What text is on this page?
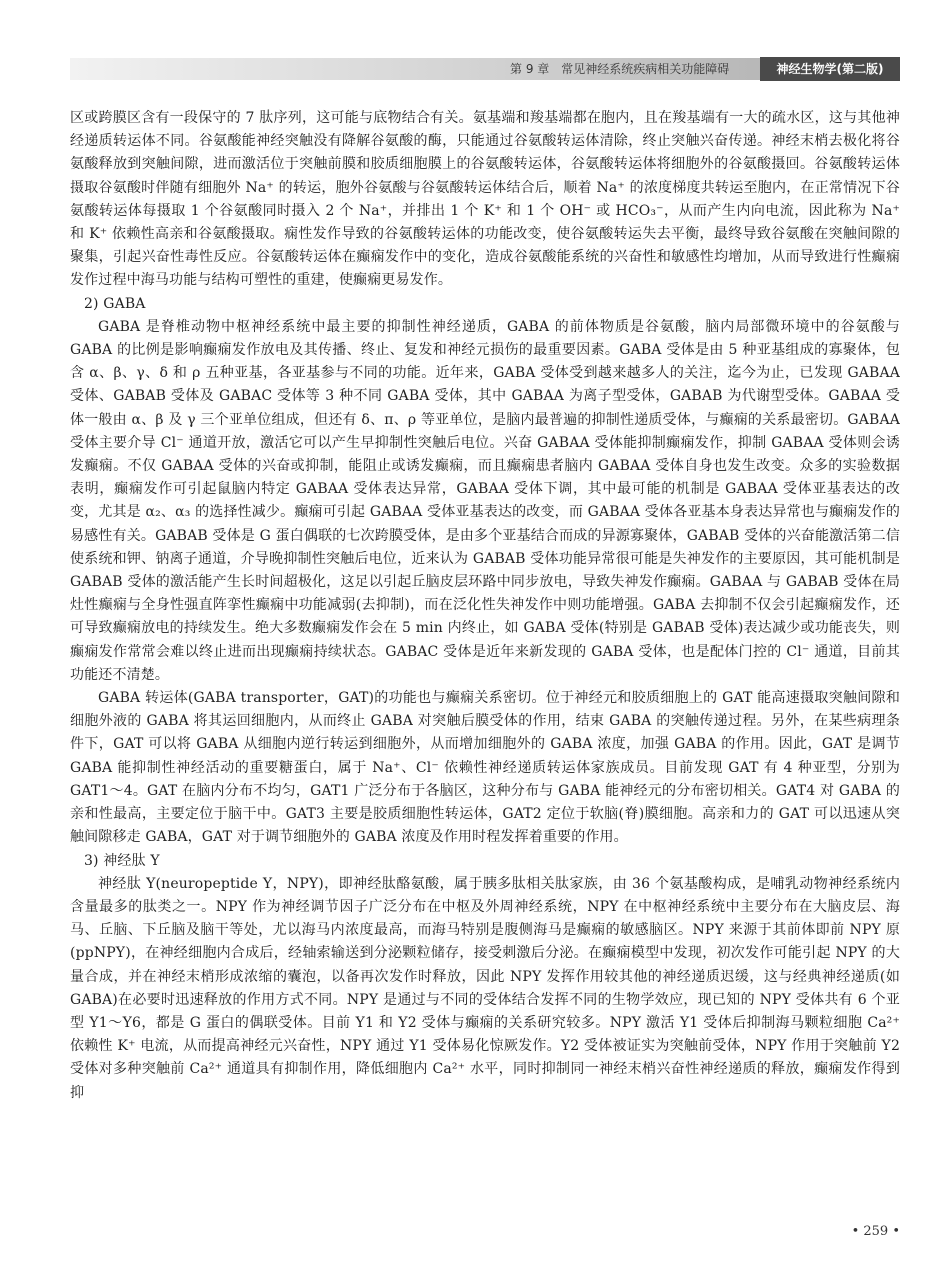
第 9 章　常见神经系统疾病相关功能障碍	神经生物学(第二版)

区或跨膜区含有一段保守的 7 肽序列，这可能与底物结合有关。氨基端和羧基端都在胞内，且在羧基端有一大的疏水区，这与其他神经递质转运体不同。谷氨酸能神经突触没有降解谷氨酸的酶，只能通过谷氨酸转运体清除，终止突触兴奋传递。神经末梢去极化将谷氨酸释放到突触间隙，进而激活位于突触前膜和胶质细胞膜上的谷氨酸转运体，谷氨酸转运体将细胞外的谷氨酸摄回。谷氨酸转运体摄取谷氨酸时伴随有细胞外 Na⁺ 的转运，胞外谷氨酸与谷氨酸转运体结合后，顺着 Na⁺ 的浓度梯度共转运至胞内，在正常情况下谷氨酸转运体每摄取 1 个谷氨酸同时摄入 2 个 Na⁺，并排出 1 个 K⁺ 和 1 个 OH⁻ 或 HCO₃⁻，从而产生内向电流，因此称为 Na⁺ 和 K⁺ 依赖性高亲和谷氨酸摄取。痫性发作导致的谷氨酸转运体的功能改变，使谷氨酸转运失去平衡，最终导致谷氨酸在突触间隙的聚集，引起兴奋性毒性反应。谷氨酸转运体在癫痫发作中的变化，造成谷氨酸能系统的兴奋性和敏感性均增加，从而导致进行性癫痫发作过程中海马功能与结构可塑性的重建，使癫痫更易发作。

2) GABA

GABA 是脊椎动物中枢神经系统中最主要的抑制性神经递质，GABA 的前体物质是谷氨酸，脑内局部微环境中的谷氨酸与 GABA 的比例是影响癫痫发作放电及其传播、终止、复发和神经元损伤的最重要因素。GABA 受体是由 5 种亚基组成的寡聚体，包含 α、β、γ、δ 和 ρ 五种亚基，各亚基参与不同的功能。近年来，GABA 受体受到越来越多人的关注，迄今为止，已发现 GABAA 受体、GABAB 受体及 GABAC 受体等 3 种不同 GABA 受体，其中 GABAA 为离子型受体，GABAB 为代谢型受体。GABAA 受体一般由 α、β 及 γ 三个亚单位组成，但还有 δ、π、ρ 等亚单位，是脑内最普遍的抑制性递质受体，与癫痫的关系最密切。GABAA 受体主要介导 Cl⁻ 通道开放，激活它可以产生早抑制性突触后电位。兴奋 GABAA 受体能抑制癫痫发作，抑制 GABAA 受体则会诱发癫痫。不仅 GABAA 受体的兴奋或抑制，能阻止或诱发癫痫，而且癫痫患者脑内 GABAA 受体自身也发生改变。众多的实验数据表明，癫痫发作可引起鼠脑内特定 GABAA 受体表达异常，GABAA 受体下调，其中最可能的机制是 GABAA 受体亚基表达的改变，尤其是 α₂、α₃ 的选择性减少。癫痫可引起 GABAA 受体亚基表达的改变，而 GABAA 受体各亚基本身表达异常也与癫痫发作的易感性有关。GABAB 受体是 G 蛋白偶联的七次跨膜受体，是由多个亚基结合而成的异源寡聚体，GABAB 受体的兴奋能激活第二信使系统和钾、钠离子通道，介导晚抑制性突触后电位，近来认为 GABAB 受体功能异常很可能是失神发作的主要原因，其可能机制是 GABAB 受体的激活能产生长时间超极化，这足以引起丘脑皮层环路中同步放电，导致失神发作癫痫。GABAA 与 GABAB 受体在局灶性癫痫与全身性强直阵挛性癫痫中功能减弱(去抑制)，而在泛化性失神发作中则功能增强。GABA 去抑制不仅会引起癫痫发作，还可导致癫痫放电的持续发生。绝大多数癫痫发作会在 5 min 内终止，如 GABA 受体(特别是 GABAB 受体)表达减少或功能丧失，则癫痫发作常常会难以终止进而出现癫痫持续状态。GABAC 受体是近年来新发现的 GABA 受体，也是配体门控的 Cl⁻ 通道，目前其功能还不清楚。

GABA 转运体(GABA transporter，GAT)的功能也与癫痫关系密切。位于神经元和胶质细胞上的 GAT 能高速摄取突触间隙和细胞外液的 GABA 将其运回细胞内，从而终止 GABA 对突触后膜受体的作用，结束 GABA 的突触传递过程。另外，在某些病理条件下，GAT 可以将 GABA 从细胞内逆行转运到细胞外，从而增加细胞外的 GABA 浓度，加强 GABA 的作用。因此，GAT 是调节 GABA 能抑制性神经活动的重要糖蛋白，属于 Na⁺、Cl⁻ 依赖性神经递质转运体家族成员。目前发现 GAT 有 4 种亚型，分别为 GAT1～4。GAT 在脑内分布不均匀，GAT1 广泛分布于各脑区，这种分布与 GABA 能神经元的分布密切相关。GAT4 对 GABA 的亲和性最高，主要定位于脑干中。GAT3 主要是胶质细胞性转运体，GAT2 定位于软脑(脊)膜细胞。高亲和力的 GAT 可以迅速从突触间隙移走 GABA，GAT 对于调节细胞外的 GABA 浓度及作用时程发挥着重要的作用。

3) 神经肽 Y

神经肽 Y(neuropeptide Y，NPY)，即神经肽酪氨酸，属于胰多肽相关肽家族，由 36 个氨基酸构成，是哺乳动物神经系统内含量最多的肽类之一。NPY 作为神经调节因子广泛分布在中枢及外周神经系统，NPY 在中枢神经系统中主要分布在大脑皮层、海马、丘脑、下丘脑及脑干等处，尤以海马内浓度最高，而海马特别是腹侧海马是癫痫的敏感脑区。NPY 来源于其前体即前 NPY 原(ppNPY)，在神经细胞内合成后，经轴索输送到分泌颗粒储存，接受刺激后分泌。在癫痫模型中发现，初次发作可能引起 NPY 的大量合成，并在神经末梢形成浓缩的囊泡，以备再次发作时释放，因此 NPY 发挥作用较其他的神经递质迟缓，这与经典神经递质(如 GABA)在必要时迅速释放的作用方式不同。NPY 是通过与不同的受体结合发挥不同的生物学效应，现已知的 NPY 受体共有 6 个亚型 Y1～Y6，都是 G 蛋白的偶联受体。目前 Y1 和 Y2 受体与癫痫的关系研究较多。NPY 激活 Y1 受体后抑制海马颗粒细胞 Ca²⁺ 依赖性 K⁺ 电流，从而提高神经元兴奋性，NPY 通过 Y1 受体易化惊厥发作。Y2 受体被证实为突触前受体，NPY 作用于突触前 Y2 受体对多种突触前 Ca²⁺ 通道具有抑制作用，降低细胞内 Ca²⁺ 水平，同时抑制同一神经末梢兴奋性神经递质的释放，癫痫发作得到抑

• 259 •
